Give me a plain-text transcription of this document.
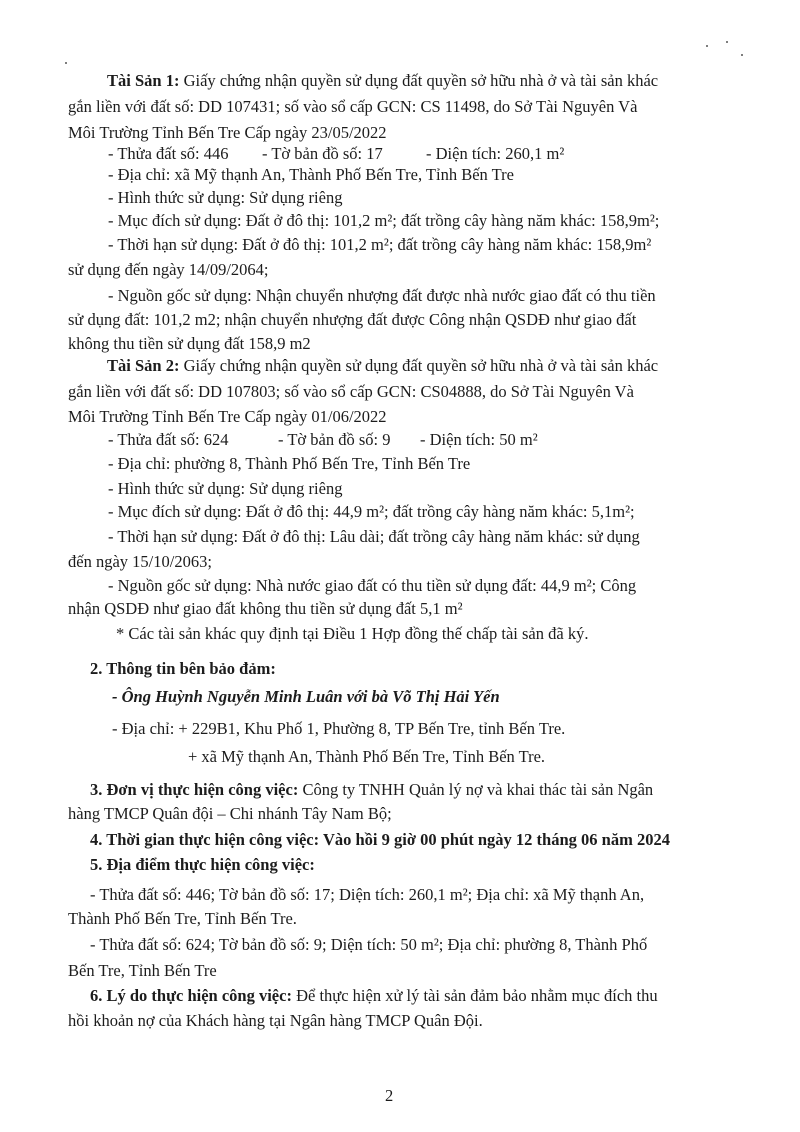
Tài Sản 1: Giấy chứng nhận quyền sử dụng đất quyền sở hữu nhà ở và tài sản khác
gắn liền với đất số: DD 107431; số vào sổ cấp GCN: CS 11498, do Sở Tài Nguyên Và
Môi Trường Tỉnh Bến Tre Cấp ngày 23/05/2022
- Thửa đất số: 446 - Tờ bản đồ số: 17	- Diện tích: 260,1 m²
- Địa chỉ: xã Mỹ thạnh An, Thành Phố Bến Tre, Tỉnh Bến Tre
- Hình thức sử dụng: Sử dụng riêng
- Mục đích sử dụng: Đất ở đô thị: 101,2 m²; đất trồng cây hàng năm khác: 158,9m²;
- Thời hạn sử dụng: Đất ở đô thị: 101,2 m²; đất trồng cây hàng năm khác: 158,9m²
sử dụng đến ngày 14/09/2064;
- Nguồn gốc sử dụng: Nhận chuyển nhượng đất được nhà nước giao đất có thu tiền
sử dụng đất: 101,2 m2; nhận chuyển nhượng đất được Công nhận QSDĐ như giao đất
không thu tiền sử dụng đất 158,9 m2
Tài Sản 2: Giấy chứng nhận quyền sử dụng đất quyền sở hữu nhà ở và tài sản khác
gắn liền với đất số: DD 107803; số vào sổ cấp GCN: CS04888, do Sở Tài Nguyên Và
Môi Trường Tỉnh Bến Tre Cấp ngày 01/06/2022
- Thửa đất số: 624	- Tờ bản đồ số: 9 - Diện tích: 50 m²
- Địa chỉ: phường 8, Thành Phố Bến Tre, Tỉnh Bến Tre
- Hình thức sử dụng: Sử dụng riêng
- Mục đích sử dụng: Đất ở đô thị: 44,9 m²; đất trồng cây hàng năm khác: 5,1m²;
- Thời hạn sử dụng: Đất ở đô thị: Lâu dài; đất trồng cây hàng năm khác: sử dụng
đến ngày 15/10/2063;
- Nguồn gốc sử dụng: Nhà nước giao đất có thu tiền sử dụng đất: 44,9 m²; Công
nhận QSDĐ như giao đất không thu tiền sử dụng đất 5,1 m²
* Các tài sản khác quy định tại Điều 1 Hợp đồng thế chấp tài sản đã ký.
2. Thông tin bên bảo đảm:
- Ông Huỳnh Nguyễn Minh Luân với bà Võ Thị Hải Yến
- Địa chỉ: + 229B1, Khu Phố 1, Phường 8, TP Bến Tre, tỉnh Bến Tre.
+ xã Mỹ thạnh An, Thành Phố Bến Tre, Tỉnh Bến Tre.
3. Đơn vị thực hiện công việc: Công ty TNHH Quản lý nợ và khai thác tài sản Ngân
hàng TMCP Quân đội – Chi nhánh Tây Nam Bộ;
4. Thời gian thực hiện công việc: Vào hồi 9 giờ 00 phút ngày 12 tháng 06 năm 2024
5. Địa điểm thực hiện công việc:
- Thửa đất số: 446; Tờ bản đồ số: 17; Diện tích: 260,1 m²; Địa chỉ: xã Mỹ thạnh An,
Thành Phố Bến Tre, Tỉnh Bến Tre.
- Thửa đất số: 624; Tờ bản đồ số: 9; Diện tích: 50 m²; Địa chỉ: phường 8, Thành Phố
Bến Tre, Tỉnh Bến Tre
6. Lý do thực hiện công việc: Để thực hiện xử lý tài sản đảm bảo nhằm mục đích thu
hồi khoản nợ của Khách hàng tại Ngân hàng TMCP Quân Đội.
2
